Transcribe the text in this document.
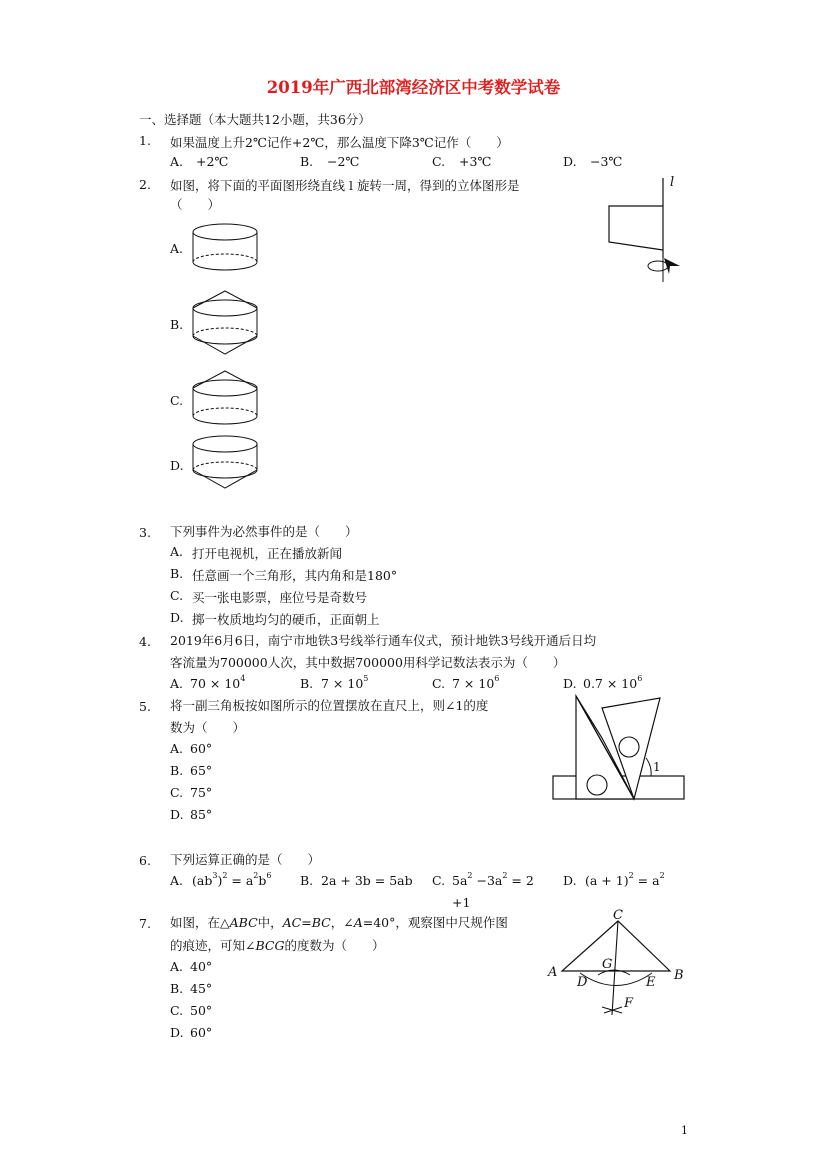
2019年广西北部湾经济区中考数学试卷
一、选择题（本大题共12小题，共36分）
1. 如果温度上升2℃记作+2℃，那么温度下降3℃记作（　　）
A. +2℃	B. −2℃	C. +3℃	D. −3℃
2. 如图，将下面的平面图形绕直线 l 旋转一周，得到的立体图形是
（　　）
l
A.
B.
C.
D.
3. 下列事件为必然事件的是（　　）
A. 打开电视机，正在播放新闻
B. 任意画一个三角形，其内角和是180°
C. 买一张电影票，座位号是奇数号
D. 掷一枚质地均匀的硬币，正面朝上
4. 2019年6月6日，南宁市地铁3号线举行通车仪式，预计地铁3号线开通后日均
客流量为700000人次，其中数据700000用科学记数法表示为（　　）
A. $70 \times 10^4$	B. $7 \times 10^5$	C. $7 \times 10^6$	D. $0.7 \times 10^6$
5. 将一副三角板按如图所示的位置摆放在直尺上，则∠1的度
数为（　　）
A. 60°
B. 65°
C. 75°
D. 85°
1
6. 下列运算正确的是（　　）
A. $(ab^3)^2 = a^2b^6$ B. 2a + 3b = 5ab C. $5a^2 -3a^2 = 2$ D. $(a + 1)^2 = a^2$
+1
7. 如图，在△ABC中，AC=BC，∠A=40°，观察图中尺规作图
的痕迹，可知∠BCG的度数为（　　）
A. 40°
B. 45°
C. 50°
D. 60°
C
G
A	B
D	E
F
1
